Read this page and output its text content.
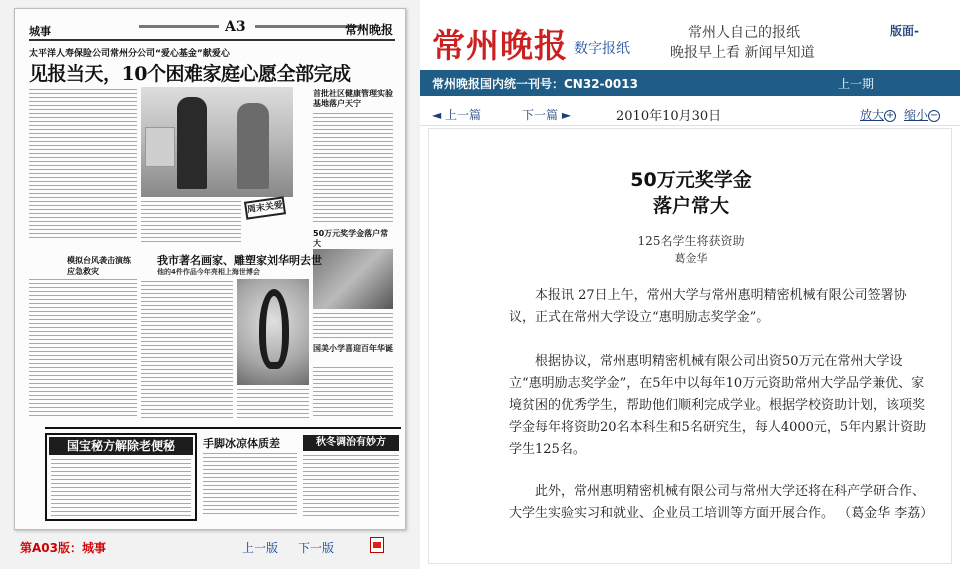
城事	A3	常州晚报
太平洋人寿保险公司常州分公司“爱心基金”献爱心
见报当天，10个困难家庭心愿全部完成
周末关爱
首批社区健康管理实验基地落户天宁
50万元奖学金落户常大
国美小学喜迎百年华诞
模拟台风袭击演练应急救灾
我市著名画家、雕塑家刘华明去世
他的4件作品今年亮相上海世博会
国宝秘方解除老便秘	手脚冰凉体质差	秋冬调治有妙方
第A03版：城事	上一版 下一版
常州晚报 数字报纸
常州人自己的报纸
晚报早上看 新闻早知道
版面-
常州晚报国内统一刊号：CN32-0013	上一期
◄ 上一篇	下一篇 ►	2010年10月30日	放大 + 缩小 −
50万元奖学金
落户常大
125名学生将获资助
葛金华

本报讯 27日上午，常州大学与常州惠明精密机械有限公司签署协议，正式在常州大学设立“惠明励志奖学金”。

根据协议，常州惠明精密机械有限公司出资50万元在常州大学设立“惠明励志奖学金”，在5年中以每年10万元资助常州大学品学兼优、家境贫困的优秀学生，帮助他们顺利完成学业。根据学校资助计划，该项奖学金每年将资助20名本科生和5名研究生，每人4000元，5年内累计资助学生125名。

此外，常州惠明精密机械有限公司与常州大学还将在科产学研合作、大学生实验实习和就业、企业员工培训等方面开展合作。 （葛金华 李荔）
